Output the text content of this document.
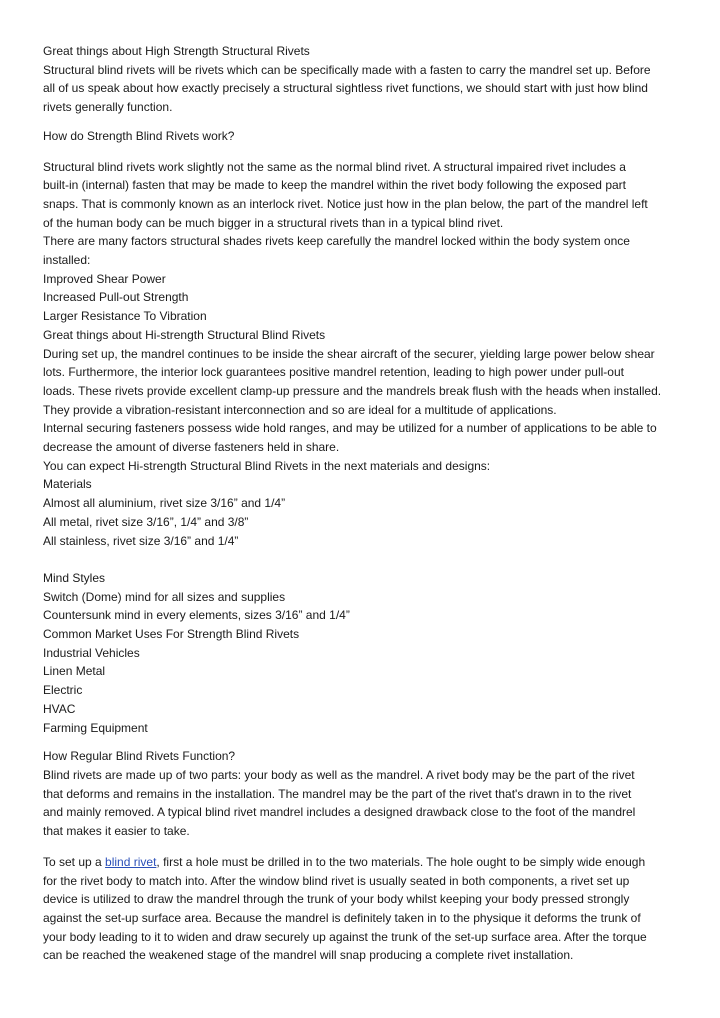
Great things about High Strength Structural Rivets
Structural blind rivets will be rivets which can be specifically made with a fasten to carry the mandrel set up. Before
all of us speak about how exactly precisely a structural sightless rivet functions, we should start with just how blind
rivets generally function.
How do Strength Blind Rivets work?
Structural blind rivets work slightly not the same as the normal blind rivet. A structural impaired rivet includes a
built-in (internal) fasten that may be made to keep the mandrel within the rivet body following the exposed part
snaps. That is commonly known as an interlock rivet. Notice just how in the plan below, the part of the mandrel left
of the human body can be much bigger in a structural rivets than in a typical blind rivet.
There are many factors structural shades rivets keep carefully the mandrel locked within the body system once
installed:
Improved Shear Power
Increased Pull-out Strength
Larger Resistance To Vibration
Great things about Hi-strength Structural Blind Rivets
During set up, the mandrel continues to be inside the shear aircraft of the securer, yielding large power below shear
lots. Furthermore, the interior lock guarantees positive mandrel retention, leading to high power under pull-out
loads. These rivets provide excellent clamp-up pressure and the mandrels break flush with the heads when installed.
They provide a vibration-resistant interconnection and so are ideal for a multitude of applications.
Internal securing fasteners possess wide hold ranges, and may be utilized for a number of applications to be able to
decrease the amount of diverse fasteners held in share.
You can expect Hi-strength Structural Blind Rivets in the next materials and designs:
Materials
Almost all aluminium, rivet size 3/16” and 1/4”
All metal, rivet size 3/16”, 1/4” and 3/8”
All stainless, rivet size 3/16” and 1/4”
Mind Styles
Switch (Dome) mind for all sizes and supplies
Countersunk mind in every elements, sizes 3/16” and 1/4”
Common Market Uses For Strength Blind Rivets
Industrial Vehicles
Linen Metal
Electric
HVAC
Farming Equipment
How Regular Blind Rivets Function?
Blind rivets are made up of two parts: your body as well as the mandrel. A rivet body may be the part of the rivet
that deforms and remains in the installation. The mandrel may be the part of the rivet that's drawn in to the rivet
and mainly removed. A typical blind rivet mandrel includes a designed drawback close to the foot of the mandrel
that makes it easier to take.
To set up a blind rivet, first a hole must be drilled in to the two materials. The hole ought to be simply wide enough
for the rivet body to match into. After the window blind rivet is usually seated in both components, a rivet set up
device is utilized to draw the mandrel through the trunk of your body whilst keeping your body pressed strongly
against the set-up surface area. Because the mandrel is definitely taken in to the physique it deforms the trunk of
your body leading to it to widen and draw securely up against the trunk of the set-up surface area. After the torque
can be reached the weakened stage of the mandrel will snap producing a complete rivet installation.
